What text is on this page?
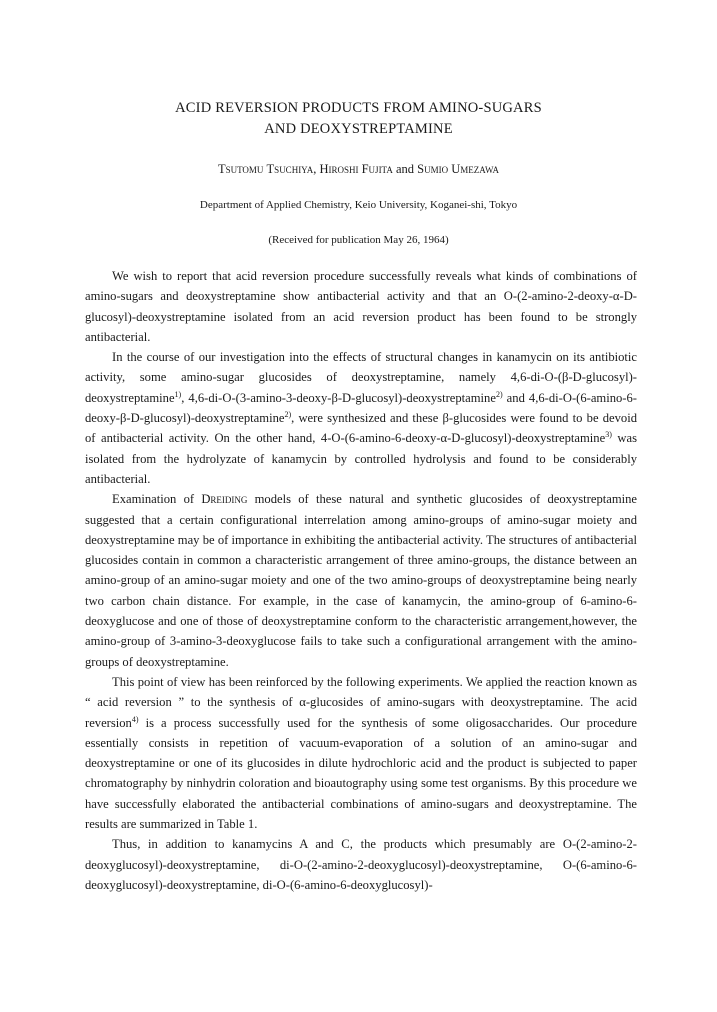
ACID REVERSION PRODUCTS FROM AMINO-SUGARS
AND DEOXYSTREPTAMINE
Tsutomu Tsuchiya, Hiroshi Fujita and Sumio Umezawa
Department of Applied Chemistry, Keio University, Koganei-shi, Tokyo
(Received for publication May 26, 1964)

We wish to report that acid reversion procedure successfully reveals what kinds of combinations of amino-sugars and deoxystreptamine show antibacterial activity and that an O-(2-amino-2-deoxy-α-D-glucosyl)-deoxystreptamine isolated from an acid reversion product has been found to be strongly antibacterial.

In the course of our investigation into the effects of structural changes in kanamycin on its antibiotic activity, some amino-sugar glucosides of deoxystreptamine, namely 4,6-di-O-(β-D-glucosyl)-deoxystreptamine$^{1)}$, 4,6-di-O-(3-amino-3-deoxy-β-D-glucosyl)-deoxystreptamine$^{2)}$ and 4,6-di-O-(6-amino-6-deoxy-β-D-glucosyl)-deoxystreptamine$^{2)}$, were synthesized and these β-glucosides were found to be devoid of antibacterial activity. On the other hand, 4-O-(6-amino-6-deoxy-α-D-glucosyl)-deoxystreptamine$^{3)}$ was isolated from the hydrolyzate of kanamycin by controlled hydrolysis and found to be considerably antibacterial.

Examination of Dreiding models of these natural and synthetic glucosides of deoxystreptamine suggested that a certain configurational interrelation among amino-groups of amino-sugar moiety and deoxystreptamine may be of importance in exhibiting the antibacterial activity. The structures of antibacterial glucosides contain in common a characteristic arrangement of three amino-groups, the distance between an amino-group of an amino-sugar moiety and one of the two amino-groups of deoxystreptamine being nearly two carbon chain distance. For example, in the case of kanamycin, the amino-group of 6-amino-6-deoxyglucose and one of those of deoxystreptamine conform to the characteristic arrangement,however, the amino-group of 3-amino-3-deoxyglucose fails to take such a configurational arrangement with the amino-groups of deoxystreptamine.

This point of view has been reinforced by the following experiments. We applied the reaction known as “ acid reversion ” to the synthesis of α-glucosides of amino-sugars with deoxystreptamine. The acid reversion$^{4)}$ is a process successfully used for the synthesis of some oligosaccharides. Our procedure essentially consists in repetition of vacuum-evaporation of a solution of an amino-sugar and deoxystreptamine or one of its glucosides in dilute hydrochloric acid and the product is subjected to paper chromatography by ninhydrin coloration and bioautography using some test organisms. By this procedure we have successfully elaborated the antibacterial combinations of amino-sugars and deoxystreptamine. The results are summarized in Table 1.

Thus, in addition to kanamycins A and C, the products which presumably are O-(2-amino-2-deoxyglucosyl)-deoxystreptamine, di-O-(2-amino-2-deoxyglucosyl)-deoxystreptamine, O-(6-amino-6-deoxyglucosyl)-deoxystreptamine, di-O-(6-amino-6-deoxyglucosyl)-
